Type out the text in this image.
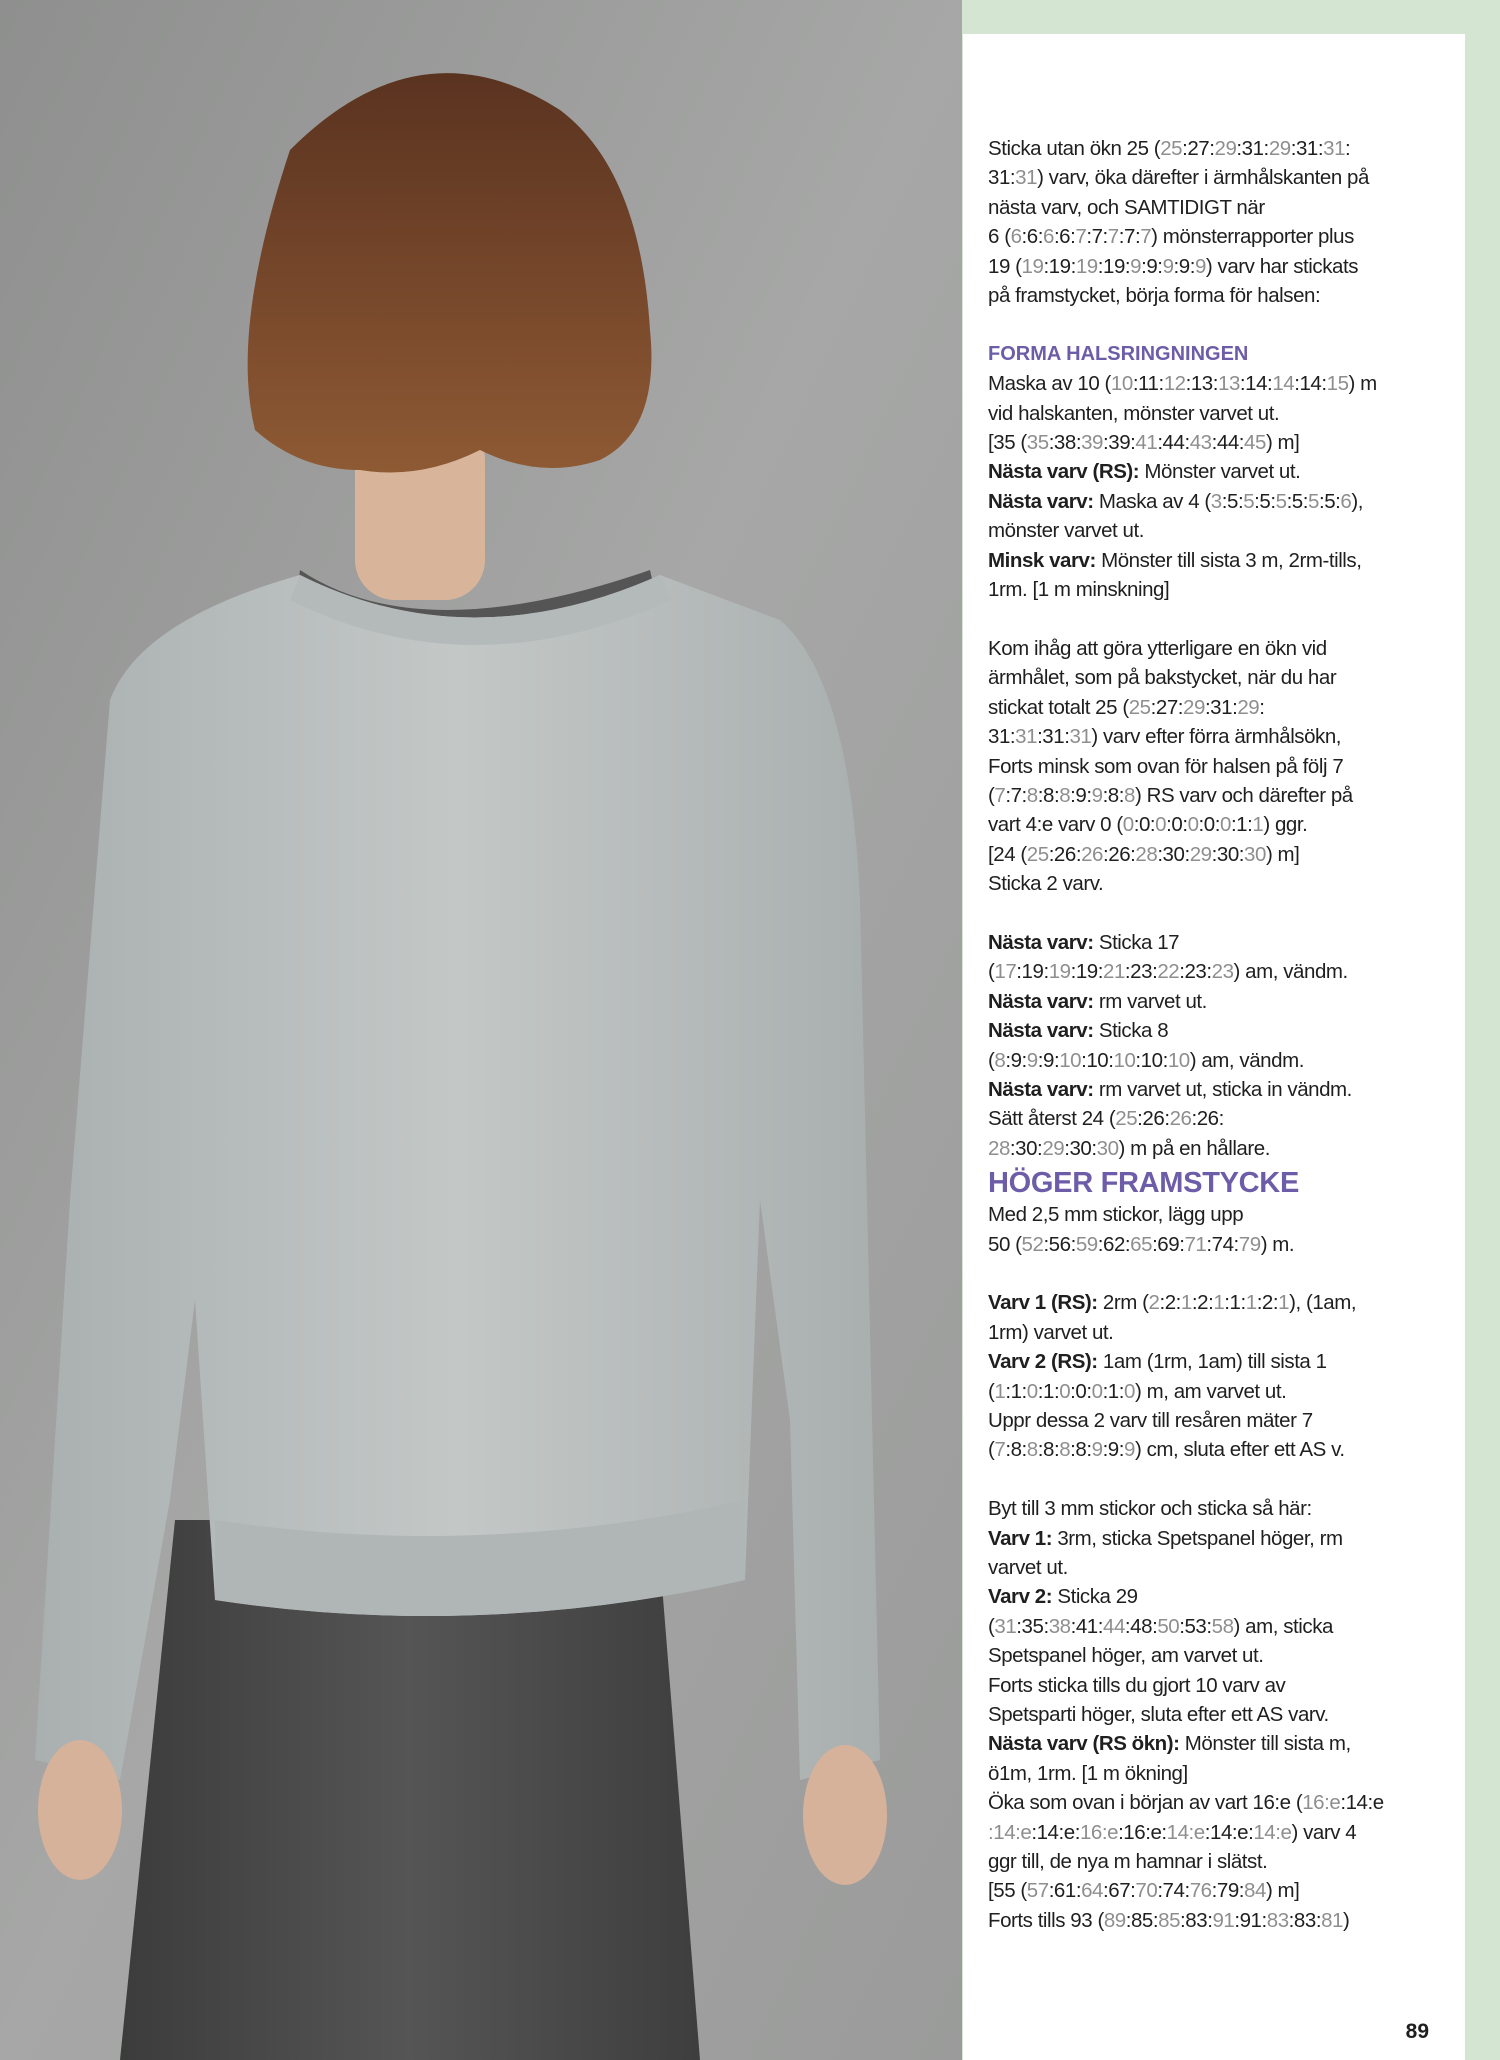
Sticka utan ökn 25 (25:27:29:31:29:31:31:

31:31) varv, öka därefter i ärmhålskanten på

nästa varv, och SAMTIDIGT när

6 (6:6:6:6:7:7:7:7:7) mönsterrapporter plus

19 (19:19:19:19:9:9:9:9:9) varv har stickats

på framstycket, börja forma för halsen:

FORMA HALSRINGNINGEN

Maska av 10 (10:11:12:13:13:14:14:14:15) m

vid halskanten, mönster varvet ut.

[35 (35:38:39:39:41:44:43:44:45) m]

Nästa varv (RS): Mönster varvet ut.

Nästa varv: Maska av 4 (3:5:5:5:5:5:5:5:6),

mönster varvet ut.

Minsk varv: Mönster till sista 3 m, 2rm-tills,

1rm. [1 m minskning]

Kom ihåg att göra ytterligare en ökn vid

ärmhålet, som på bakstycket, när du har

stickat totalt 25 (25:27:29:31:29:

31:31:31:31) varv efter förra ärmhålsökn,

Forts minsk som ovan för halsen på följ 7

(7:7:8:8:8:9:9:8:8) RS varv och därefter på

vart 4:e varv 0 (0:0:0:0:0:0:0:1:1) ggr.

[24 (25:26:26:26:28:30:29:30:30) m]

Sticka 2 varv.

Nästa varv: Sticka 17

(17:19:19:19:21:23:22:23:23) am, vändm.

Nästa varv: rm varvet ut.

Nästa varv: Sticka 8

(8:9:9:9:10:10:10:10:10) am, vändm.

Nästa varv: rm varvet ut, sticka in vändm.

Sätt återst 24 (25:26:26:26:

28:30:29:30:30) m på en hållare.

HÖGER FRAMSTYCKE

Med 2,5 mm stickor, lägg upp

50 (52:56:59:62:65:69:71:74:79) m.

Varv 1 (RS): 2rm (2:2:1:2:1:1:1:2:1), (1am,

1rm) varvet ut.

Varv 2 (RS): 1am (1rm, 1am) till sista 1

(1:1:0:1:0:0:0:1:0) m, am varvet ut.

Uppr dessa 2 varv till resåren mäter 7

(7:8:8:8:8:8:9:9:9) cm, sluta efter ett AS v.

Byt till 3 mm stickor och sticka så här:

Varv 1: 3rm, sticka Spetspanel höger, rm

varvet ut.

Varv 2: Sticka 29

(31:35:38:41:44:48:50:53:58) am, sticka

Spetspanel höger, am varvet ut.

Forts sticka tills du gjort 10 varv av

Spetsparti höger, sluta efter ett AS varv.

Nästa varv (RS ökn): Mönster till sista m,

ö1m, 1rm. [1 m ökning]

Öka som ovan i början av vart 16:e (16:e:14:e

:14:e:14:e:16:e:16:e:14:e:14:e:14:e) varv 4

ggr till, de nya m hamnar i slätst.

[55 (57:61:64:67:70:74:76:79:84) m]

Forts tills 93 (89:85:85:83:91:91:83:83:81)

89
